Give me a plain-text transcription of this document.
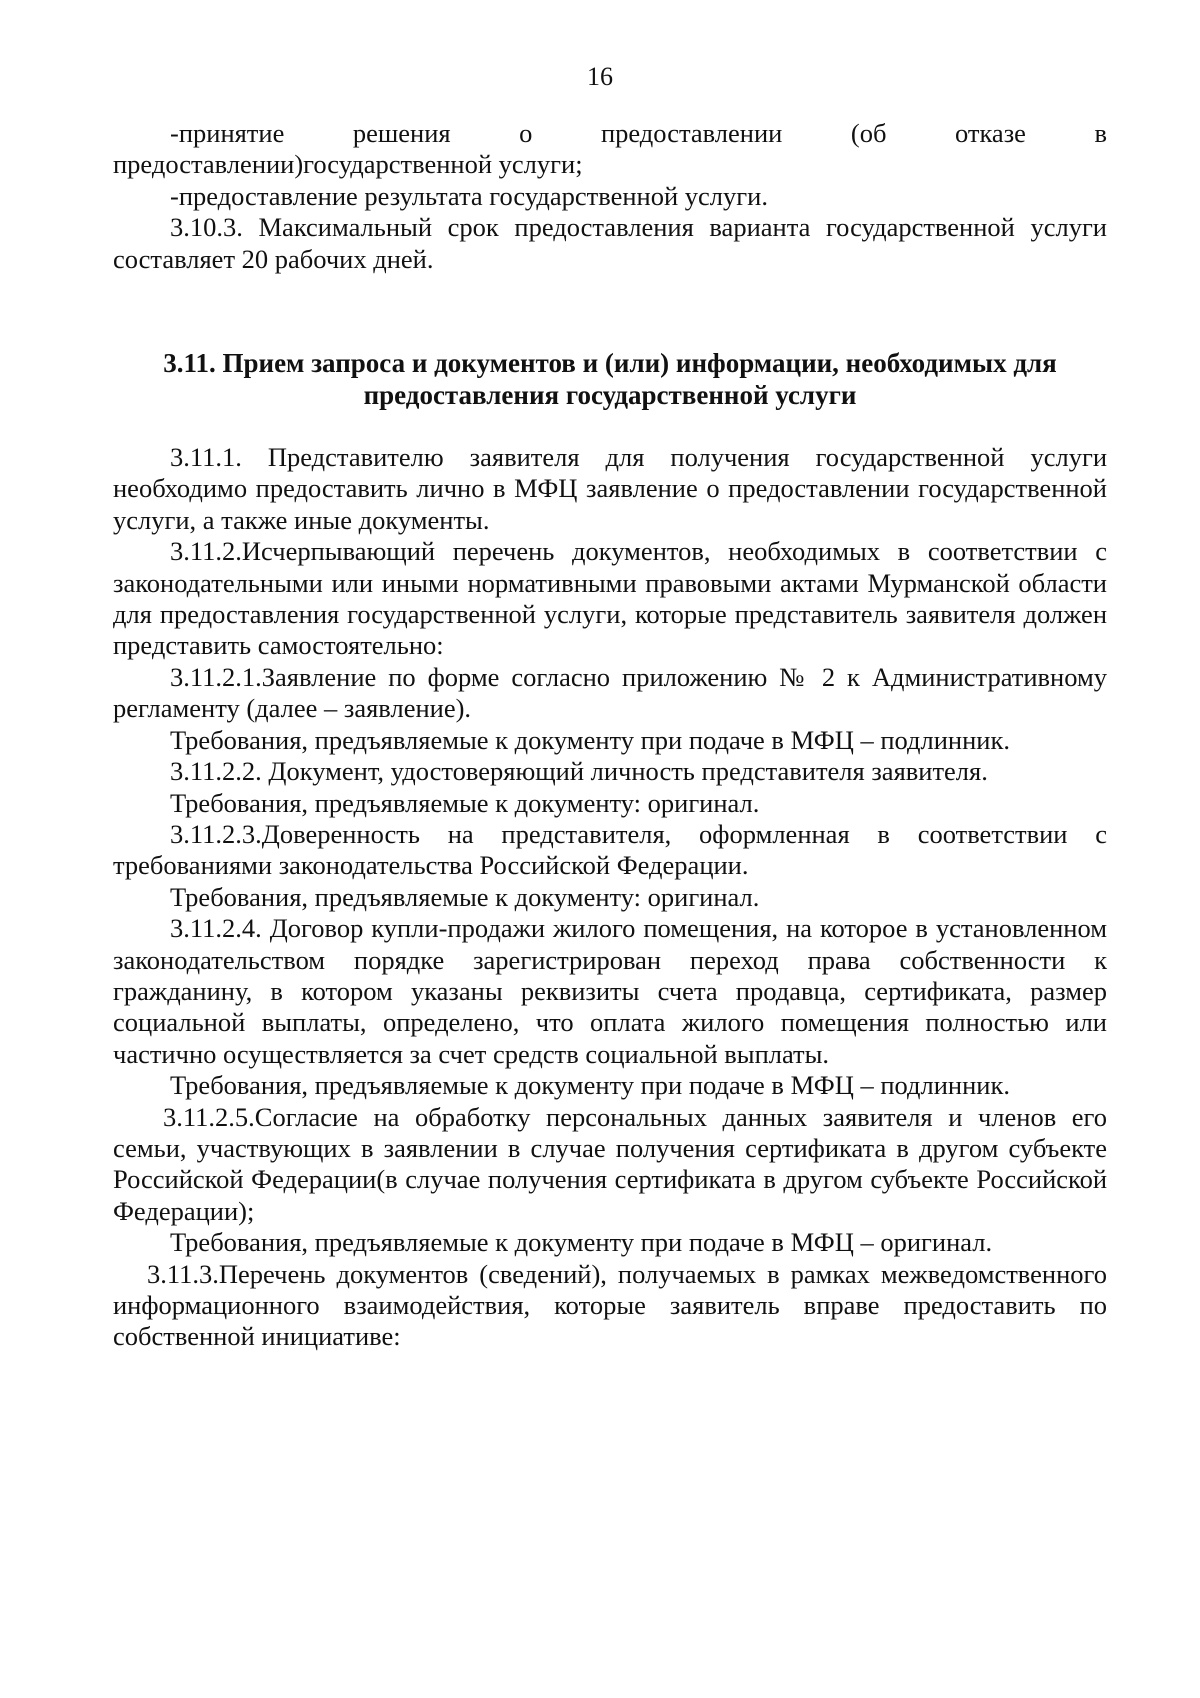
16

-принятие решения о предоставлении (об отказе в предоставлении)государственной услуги;

-предоставление результата государственной услуги.

3.10.3. Максимальный срок предоставления варианта государственной услуги составляет 20 рабочих дней.

3.11. Прием запроса и документов и (или) информации, необходимых для предоставления государственной услуги

3.11.1. Представителю заявителя для получения государственной услуги необходимо предоставить лично в МФЦ заявление о предоставлении государственной услуги, а также иные документы.

3.11.2.Исчерпывающий перечень документов, необходимых в соответствии с законодательными или иными нормативными правовыми актами Мурманской области для предоставления государственной услуги, которые представитель заявителя должен представить самостоятельно:

3.11.2.1.Заявление по форме согласно приложению № 2 к Административному регламенту (далее – заявление).

Требования, предъявляемые к документу при подаче в МФЦ – подлинник.

3.11.2.2. Документ, удостоверяющий личность представителя заявителя.

Требования, предъявляемые к документу: оригинал.

3.11.2.3.Доверенность на представителя, оформленная в соответствии с требованиями законодательства Российской Федерации.

Требования, предъявляемые к документу: оригинал.

3.11.2.4. Договор купли-продажи жилого помещения, на которое в установленном законодательством порядке зарегистрирован переход права собственности к гражданину, в котором указаны реквизиты счета продавца, сертификата, размер социальной выплаты, определено, что оплата жилого помещения полностью или частично осуществляется за счет средств социальной выплаты.

Требования, предъявляемые к документу при подаче в МФЦ – подлинник.

3.11.2.5.Согласие на обработку персональных данных заявителя и членов его семьи, участвующих в заявлении в случае получения сертификата в другом субъекте Российской Федерации(в случае получения сертификата в другом субъекте Российской Федерации);

Требования, предъявляемые к документу при подаче в МФЦ – оригинал.

3.11.3.Перечень документов (сведений), получаемых в рамках межведомственного информационного взаимодействия, которые заявитель вправе предоставить по собственной инициативе:
